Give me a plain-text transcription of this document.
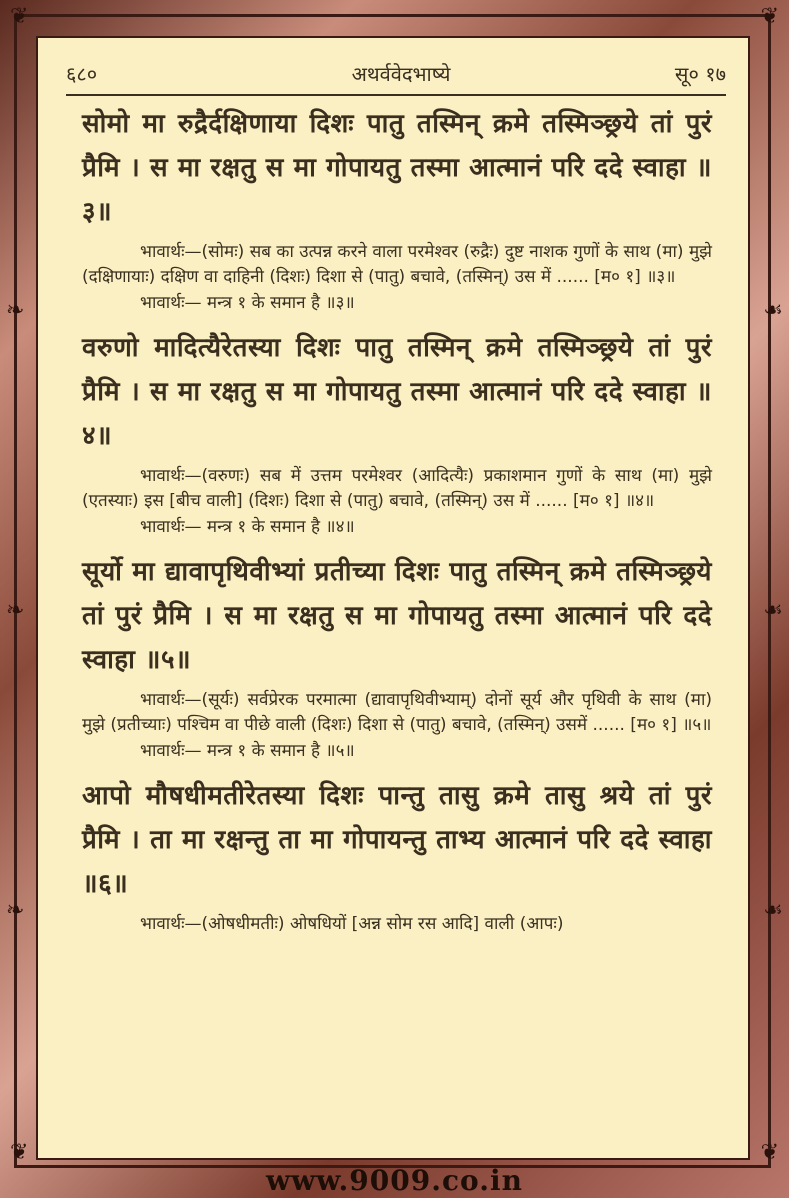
❦	❦
❦	❦
❧
❧
❧
☙
☙
☙
६८०	अथर्ववेदभाष्ये	सू० १७

सोमो मा रुद्रैर्दक्षिणाया दिशः पातु तस्मिन् क्रमे तस्मिञ्छ्रये तां पुरं प्रैमि । स मा रक्षतु स मा गोपायतु तस्मा आत्मानं परि ददे स्वाहा ॥३॥

भावार्थः—(सोमः) सब का उत्पन्न करने वाला परमेश्वर (रुद्रैः) दुष्ट नाशक गुणों के साथ (मा) मुझे (दक्षिणायाः) दक्षिण वा दाहिनी (दिशः) दिशा से (पातु) बचावे, (तस्मिन्) उस में ...... [म० १] ॥३॥

भावार्थः— मन्त्र १ के समान है ॥३॥

वरुणो मादित्यैरेतस्या दिशः पातु तस्मिन् क्रमे तस्मिञ्छ्रये तां पुरं प्रैमि । स मा रक्षतु स मा गोपायतु तस्मा आत्मानं परि ददे स्वाहा ॥४॥

भावार्थः—(वरुणः) सब में उत्तम परमेश्वर (आदित्यैः) प्रकाशमान गुणों के साथ (मा) मुझे (एतस्याः) इस [बीच वाली] (दिशः) दिशा से (पातु) बचावे, (तस्मिन्) उस में ...... [म० १] ॥४॥

भावार्थः— मन्त्र १ के समान है ॥४॥

सूर्यो मा द्यावापृथिवीभ्यां प्रतीच्या दिशः पातु तस्मिन् क्रमे तस्मिञ्छ्रये तां पुरं प्रैमि । स मा रक्षतु स मा गोपायतु तस्मा आत्मानं परि ददे स्वाहा ॥५॥

भावार्थः—(सूर्यः) सर्वप्रेरक परमात्मा (द्यावापृथिवीभ्याम्) दोनों सूर्य और पृथिवी के साथ (मा) मुझे (प्रतीच्याः) पश्चिम वा पीछे वाली (दिशः) दिशा से (पातु) बचावे, (तस्मिन्) उसमें ...... [म० १] ॥५॥

भावार्थः— मन्त्र १ के समान है ॥५॥

आपो मौषधीमतीरेतस्या दिशः पान्तु तासु क्रमे तासु श्रये तां पुरं प्रैमि । ता मा रक्षन्तु ता मा गोपायन्तु ताभ्य आत्मानं परि ददे स्वाहा ॥६॥

भावार्थः—(ओषधीमतीः) ओषधियों [अन्न सोम रस आदि] वाली (आपः)

www.9009.co.in
